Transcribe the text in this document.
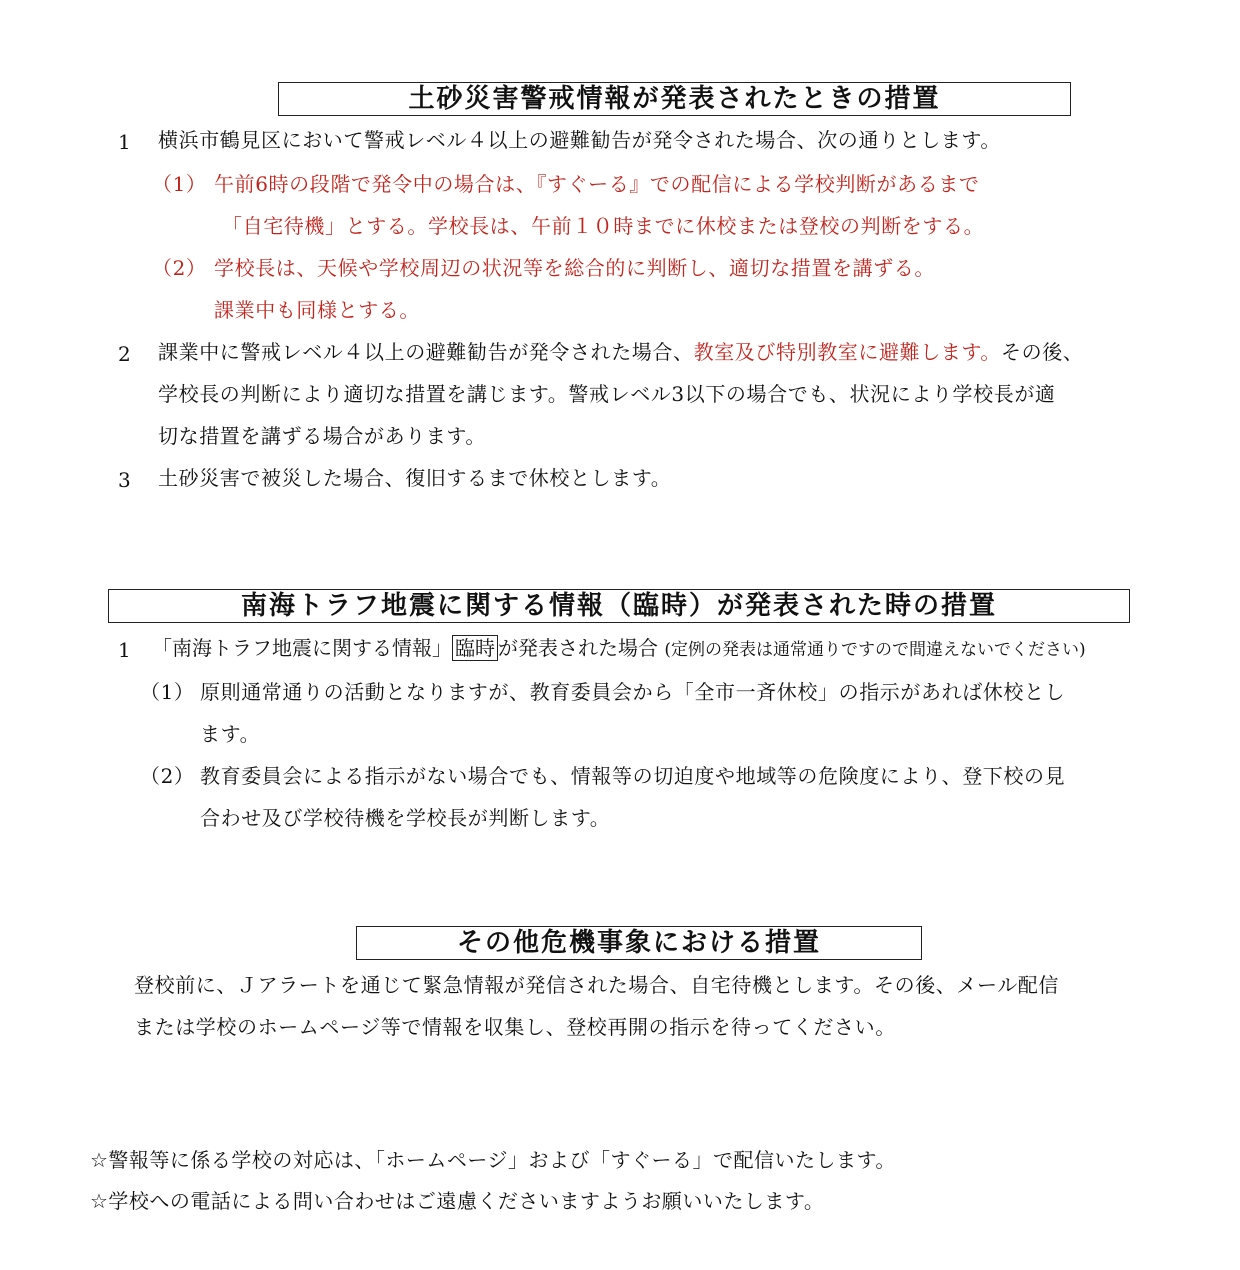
土砂災害警戒情報が発表されたときの措置
1 横浜市鶴見区において警戒レベル４以上の避難勧告が発令された場合、次の通りとします。
（1） 午前6時の段階で発令中の場合は、『すぐーる』での配信による学校判断があるまで
「自宅待機」とする。学校長は、午前１０時までに休校または登校の判断をする。
（2） 学校長は、天候や学校周辺の状況等を総合的に判断し、適切な措置を講ずる。
課業中も同様とする。
2 課業中に警戒レベル４以上の避難勧告が発令された場合、教室及び特別教室に避難します。その後、
学校長の判断により適切な措置を講じます。警戒レベル3以下の場合でも、状況により学校長が適
切な措置を講ずる場合があります。
3 土砂災害で被災した場合、復旧するまで休校とします。
南海トラフ地震に関する情報（臨時）が発表された時の措置
1 「南海トラフ地震に関する情報」 臨時 が発表された場合 (定例の発表は通常通りですので間違えないでください)
（1） 原則通常通りの活動となりますが、教育委員会から「全市一斉休校」の指示があれば休校とし
ます。
（2） 教育委員会による指示がない場合でも、情報等の切迫度や地域等の危険度により、登下校の見
合わせ及び学校待機を学校長が判断します。
その他危機事象における措置
登校前に、Ｊアラートを通じて緊急情報が発信された場合、自宅待機とします。その後、メール配信
または学校のホームページ等で情報を収集し、登校再開の指示を待ってください。
☆警報等に係る学校の対応は、「ホームページ」および「すぐーる」で配信いたします。
☆学校への電話による問い合わせはご遠慮くださいますようお願いいたします。
